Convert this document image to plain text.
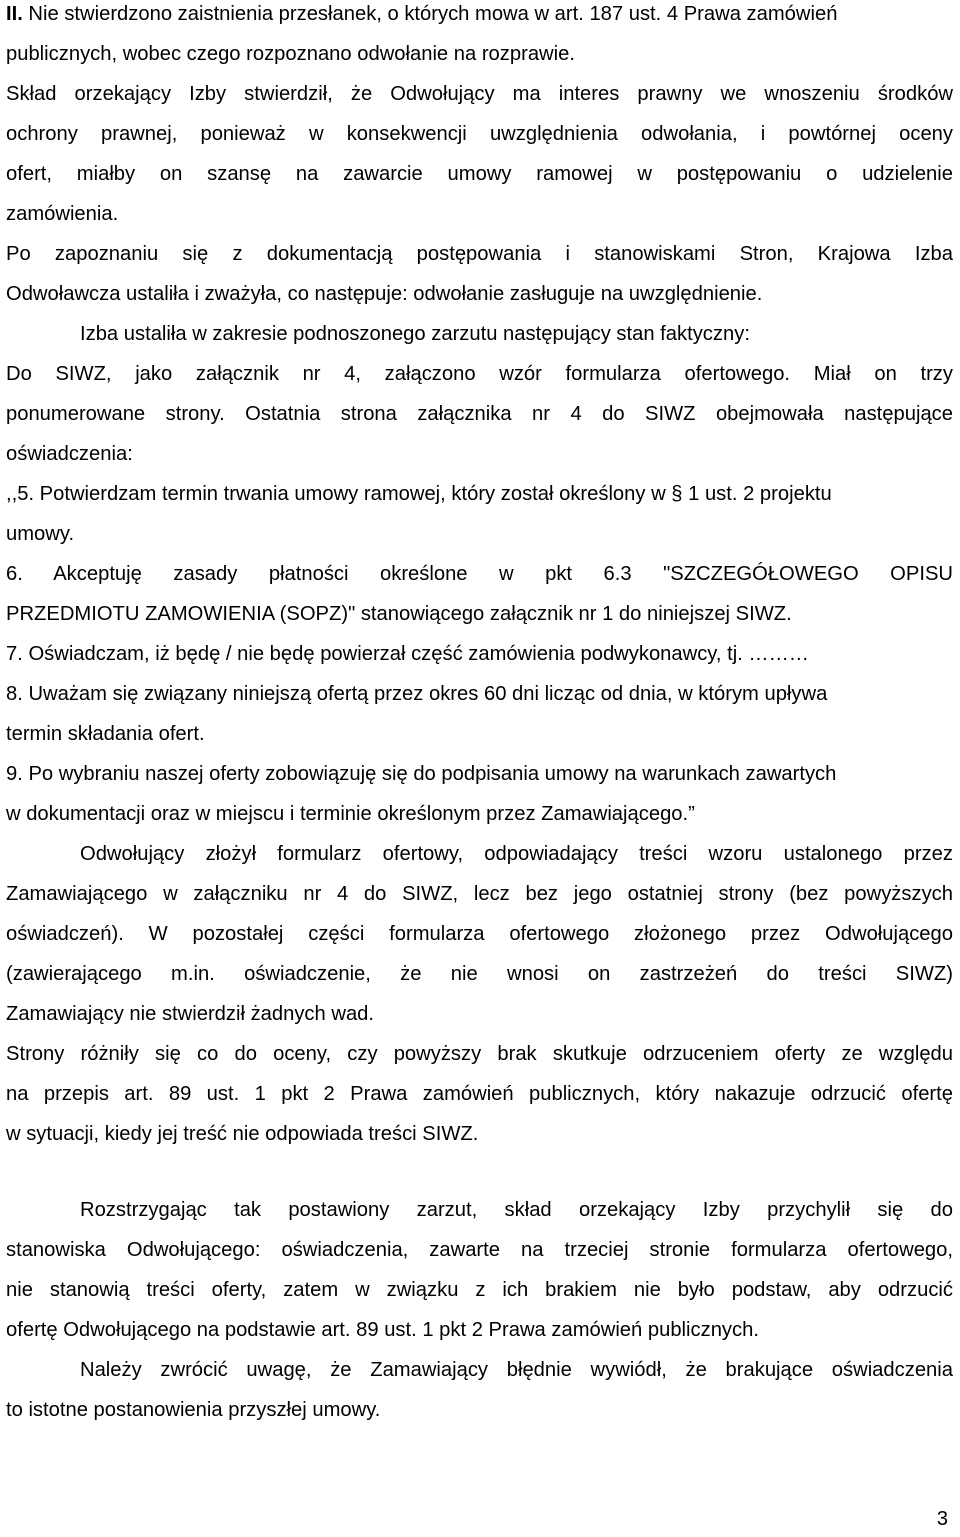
II. Nie stwierdzono zaistnienia przesłanek, o których mowa w art. 187 ust. 4 Prawa zamówień
publicznych, wobec czego rozpoznano odwołanie na rozprawie.
Skład orzekający Izby stwierdził, że Odwołujący ma interes prawny we wnoszeniu środków
ochrony prawnej, ponieważ w konsekwencji uwzględnienia odwołania, i powtórnej oceny
ofert, miałby on szansę na zawarcie umowy ramowej w postępowaniu o udzielenie
zamówienia.
Po zapoznaniu się z dokumentacją postępowania i stanowiskami Stron, Krajowa Izba
Odwoławcza ustaliła i zważyła, co następuje: odwołanie zasługuje na uwzględnienie.
Izba ustaliła w zakresie podnoszonego zarzutu następujący stan faktyczny:
Do SIWZ, jako załącznik nr 4, załączono wzór formularza ofertowego. Miał on trzy
ponumerowane strony. Ostatnia strona załącznika nr 4 do SIWZ obejmowała następujące
oświadczenia:
,,5. Potwierdzam termin trwania umowy ramowej, który został określony w § 1 ust. 2 projektu
umowy.
6. Akceptuję zasady płatności określone w pkt 6.3 "SZCZEGÓŁOWEGO OPISU
PRZEDMIOTU ZAMOWIENIA (SOPZ)" stanowiącego załącznik nr 1 do niniejszej SIWZ.
7. Oświadczam, iż będę / nie będę powierzał część zamówienia podwykonawcy, tj. ………
8. Uważam się związany niniejszą ofertą przez okres 60 dni licząc od dnia, w którym upływa
termin składania ofert.
9. Po wybraniu naszej oferty zobowiązuję się do podpisania umowy na warunkach zawartych
w dokumentacji oraz w miejscu i terminie określonym przez Zamawiającego.”
Odwołujący złożył formularz ofertowy, odpowiadający treści wzoru ustalonego przez
Zamawiającego w załączniku nr 4 do SIWZ, lecz bez jego ostatniej strony (bez powyższych
oświadczeń). W pozostałej części formularza ofertowego złożonego przez Odwołującego
(zawierającego m.in. oświadczenie, że nie wnosi on zastrzeżeń do treści SIWZ)
Zamawiający nie stwierdził żadnych wad.
Strony różniły się co do oceny, czy powyższy brak skutkuje odrzuceniem oferty ze względu
na przepis art. 89 ust. 1 pkt 2 Prawa zamówień publicznych, który nakazuje odrzucić ofertę
w sytuacji, kiedy jej treść nie odpowiada treści SIWZ.
Rozstrzygając tak postawiony zarzut, skład orzekający Izby przychylił się do
stanowiska Odwołującego: oświadczenia, zawarte na trzeciej stronie formularza ofertowego,
nie stanowią treści oferty, zatem w związku z ich brakiem nie było podstaw, aby odrzucić
ofertę Odwołującego na podstawie art. 89 ust. 1 pkt 2 Prawa zamówień publicznych.
Należy zwrócić uwagę, że Zamawiający błędnie wywiódł, że brakujące oświadczenia
to istotne postanowienia przyszłej umowy.
3
